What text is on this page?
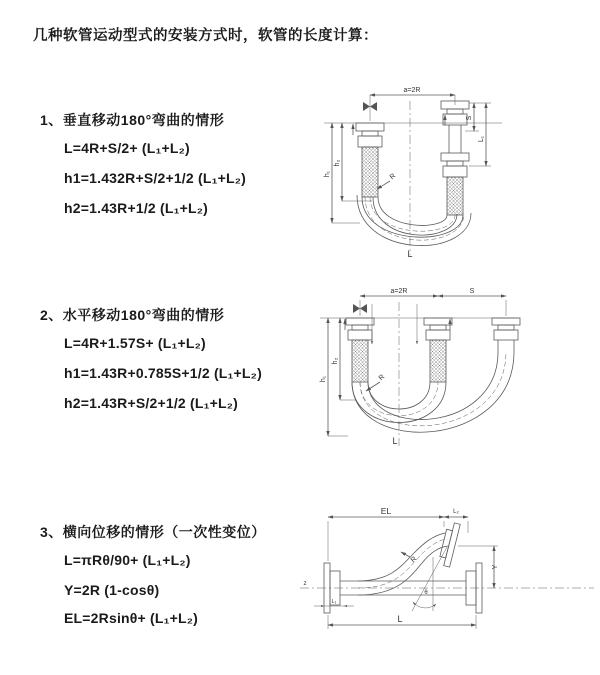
几种软管运动型式的安装方式时，软管的长度计算：
1、垂直移动180°弯曲的情形
L=4R+S/2+ (L₁+L₂)
h1=1.432R+S/2+1/2 (L₁+L₂)
h2=1.43R+1/2 (L₁+L₂)
a=2R
h₂
h₁
S
L₁
R
L
2、水平移动180°弯曲的情形
L=4R+1.57S+ (L₁+L₂)
h1=1.43R+0.785S+1/2 (L₁+L₂)
h2=1.43R+S/2+1/2 (L₁+L₂)
a=2R	S
h₂
h₁	R
L
3、横向位移的情形（一次性变位）
L=πRθ/90+ (L₁+L₂)
Y=2R (1-cosθ)
EL=2Rsinθ+ (L₁+L₂)
EL	L₂
Y
R
θ
L
L₁
z
